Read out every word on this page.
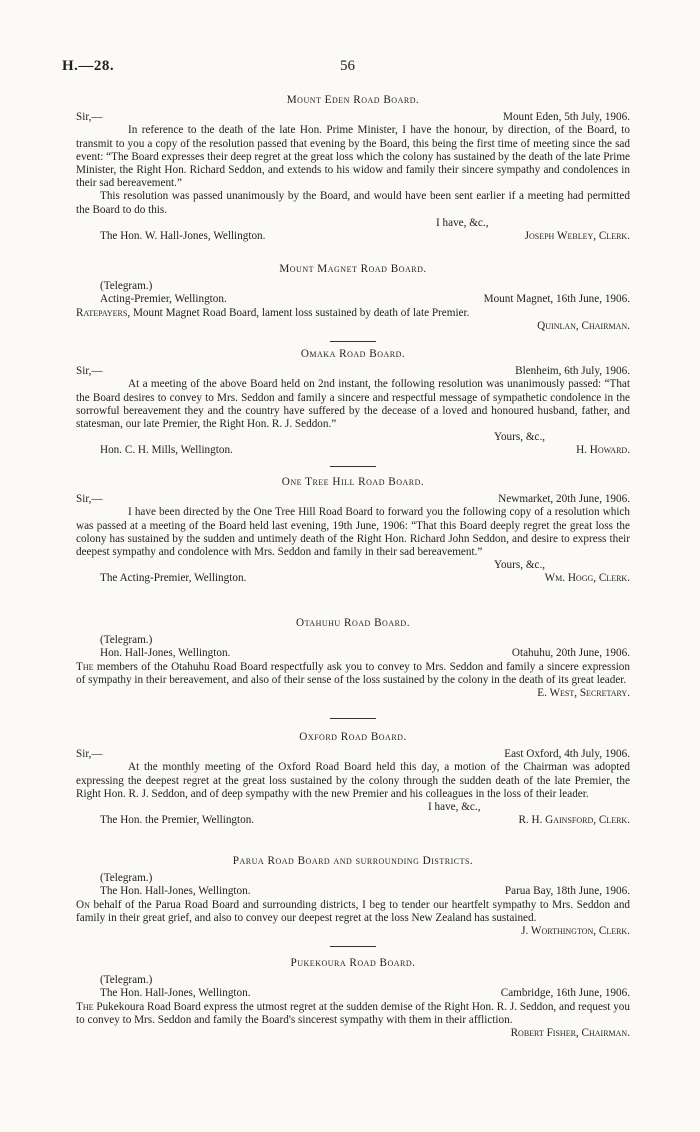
H.—28.	56
Mount Eden Road Board.
Sir,—	Mount Eden, 5th July, 1906.

In reference to the death of the late Hon. Prime Minister, I have the honour, by direction, of the Board, to transmit to you a copy of the resolution passed that evening by the Board, this being the first time of meeting since the sad event: “The Board expresses their deep regret at the great loss which the colony has sustained by the death of the late Prime Minister, the Right Hon. Richard Seddon, and extends to his widow and family their sincere sympathy and condolences in their sad bereavement.”

This resolution was passed unanimously by the Board, and would have been sent earlier if a meeting had permitted the Board to do this.

I have, &c.,
The Hon. W. Hall-Jones, Wellington.	Joseph Webley, Clerk.
Mount Magnet Road Board.
(Telegram.)
Acting-Premier, Wellington.	Mount Magnet, 16th June, 1906.
Ratepayers, Mount Magnet Road Board, lament loss sustained by death of late Premier.
Quinlan, Chairman.
Omaka Road Board.
Sir,—	Blenheim, 6th July, 1906.

At a meeting of the above Board held on 2nd instant, the following resolution was unanimously passed: “That the Board desires to convey to Mrs. Seddon and family a sincere and respectful message of sympathetic condolence in the sorrowful bereavement they and the country have suffered by the decease of a loved and honoured husband, father, and statesman, our late Premier, the Right Hon. R. J. Seddon.”

Yours, &c.,
Hon. C. H. Mills, Wellington.	H. Howard.
One Tree Hill Road Board.
Sir,—	Newmarket, 20th June, 1906.

I have been directed by the One Tree Hill Road Board to forward you the following copy of a resolution which was passed at a meeting of the Board held last evening, 19th June, 1906: “That this Board deeply regret the great loss the colony has sustained by the sudden and untimely death of the Right Hon. Richard John Seddon, and desire to express their deepest sympathy and condolence with Mrs. Seddon and family in their sad bereavement.”

Yours, &c.,
The Acting-Premier, Wellington.	Wm. Hogg, Clerk.
Otahuhu Road Board.
(Telegram.)
Hon. Hall-Jones, Wellington.	Otahuhu, 20th June, 1906.
The members of the Otahuhu Road Board respectfully ask you to convey to Mrs. Seddon and family a sincere expression of sympathy in their bereavement, and also of their sense of the loss sustained by the colony in the death of its great leader.
E. West, Secretary.
Oxford Road Board.
Sir,—	East Oxford, 4th July, 1906.

At the monthly meeting of the Oxford Road Board held this day, a motion of the Chairman was adopted expressing the deepest regret at the great loss sustained by the colony through the sudden death of the late Premier, the Right Hon. R. J. Seddon, and of deep sympathy with the new Premier and his colleagues in the loss of their leader.

I have, &c.,
The Hon. the Premier, Wellington.	R. H. Gainsford, Clerk.
Parua Road Board and surrounding Districts.
(Telegram.)
The Hon. Hall-Jones, Wellington.	Parua Bay, 18th June, 1906.
On behalf of the Parua Road Board and surrounding districts, I beg to tender our heartfelt sympathy to Mrs. Seddon and family in their great grief, and also to convey our deepest regret at the loss New Zealand has sustained.
J. Worthington, Clerk.
Pukekoura Road Board.
(Telegram.)
The Hon. Hall-Jones, Wellington.	Cambridge, 16th June, 1906.
The Pukekoura Road Board express the utmost regret at the sudden demise of the Right Hon. R. J. Seddon, and request you to convey to Mrs. Seddon and family the Board's sincerest sympathy with them in their affliction.
Robert Fisher, Chairman.
